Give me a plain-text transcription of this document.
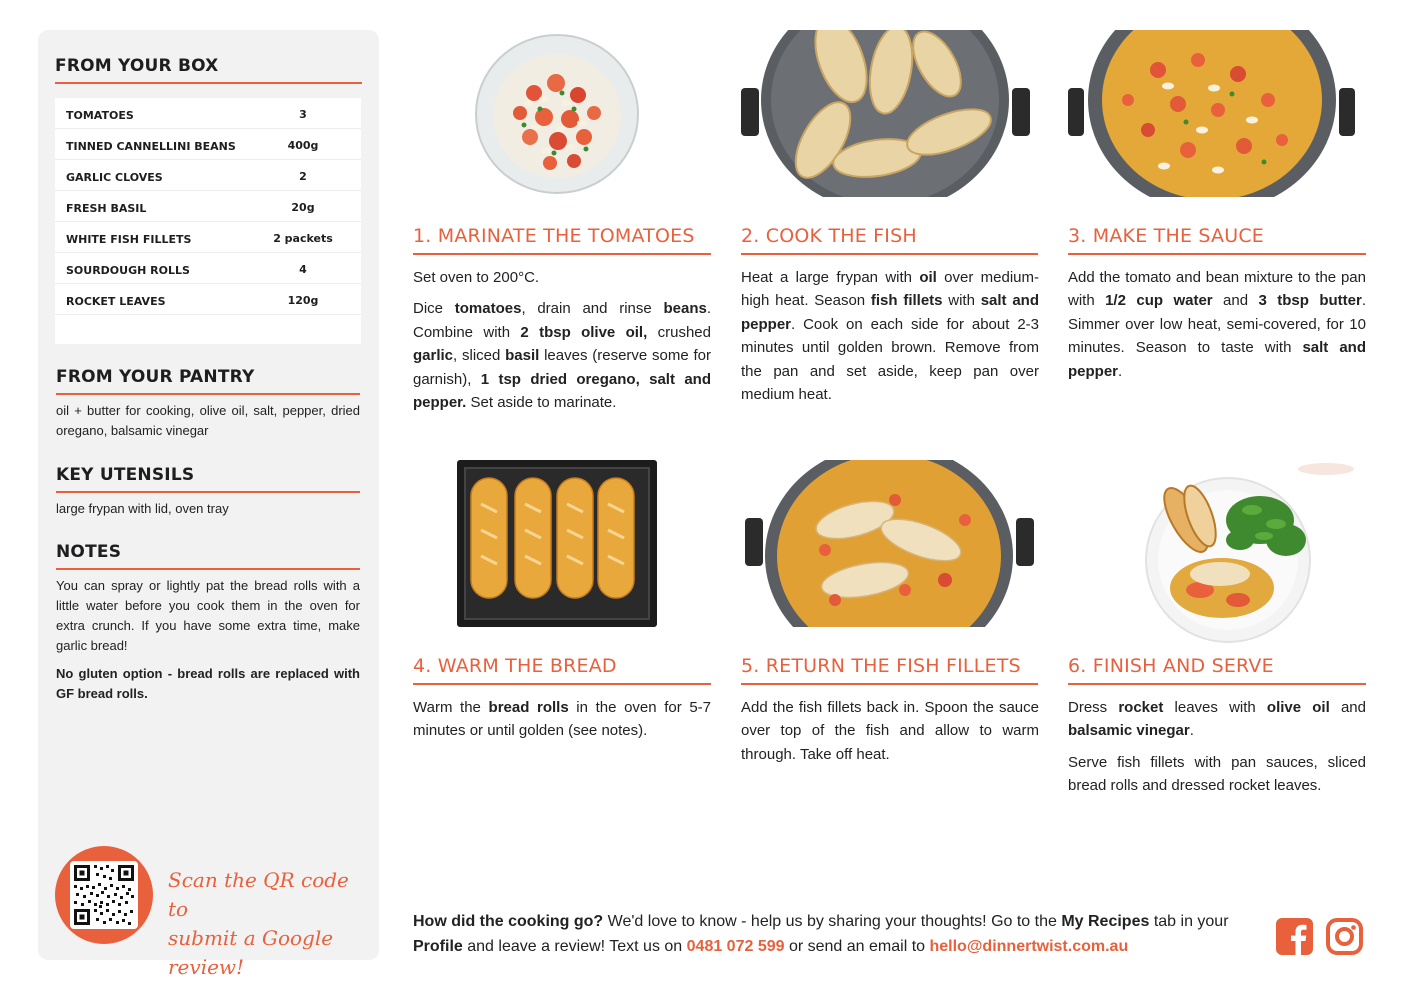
FROM YOUR BOX
TOMATOES	3
TINNED CANNELLINI BEANS	400g
GARLIC CLOVES	2
FRESH BASIL	20g
WHITE FISH FILLETS	2 packets
SOURDOUGH ROLLS	4
ROCKET LEAVES	120g
FROM YOUR PANTRY
oil + butter for cooking, olive oil, salt, pepper, dried oregano, balsamic vinegar
KEY UTENSILS
large frypan with lid, oven tray
NOTES
You can spray or lightly pat the bread rolls with a little water before you cook them in the oven for extra crunch. If you have some extra time, make garlic bread!
No gluten option - bread rolls are replaced with GF bread rolls.
Scan the QR code to
submit a Google review!
1. MARINATE THE TOMATOES

Set oven to 200°C.

Dice tomatoes, drain and rinse beans. Combine with 2 tbsp olive oil, crushed garlic, sliced basil leaves (reserve some for garnish), 1 tsp dried oregano, salt and pepper. Set aside to marinate.

2. COOK THE FISH

Heat a large frypan with oil over medium-high heat. Season fish fillets with salt and pepper. Cook on each side for about 2-3 minutes until golden brown. Remove from the pan and set aside, keep pan over medium heat.

3. MAKE THE SAUCE

Add the tomato and bean mixture to the pan with 1/2 cup water and 3 tbsp butter. Simmer over low heat, semi-covered, for 10 minutes. Season to taste with salt and pepper.

4. WARM THE BREAD

Warm the bread rolls in the oven for 5-7 minutes or until golden (see notes).

5. RETURN THE FISH FILLETS

Add the fish fillets back in. Spoon the sauce over top of the fish and allow to warm through. Take off heat.

6. FINISH AND SERVE

Dress rocket leaves with olive oil and balsamic vinegar.

Serve fish fillets with pan sauces, sliced bread rolls and dressed rocket leaves.

How did the cooking go? We'd love to know - help us by sharing your thoughts! Go to the My Recipes tab in your Profile and leave a review! Text us on 0481 072 599 or send an email to hello@dinnertwist.com.au
